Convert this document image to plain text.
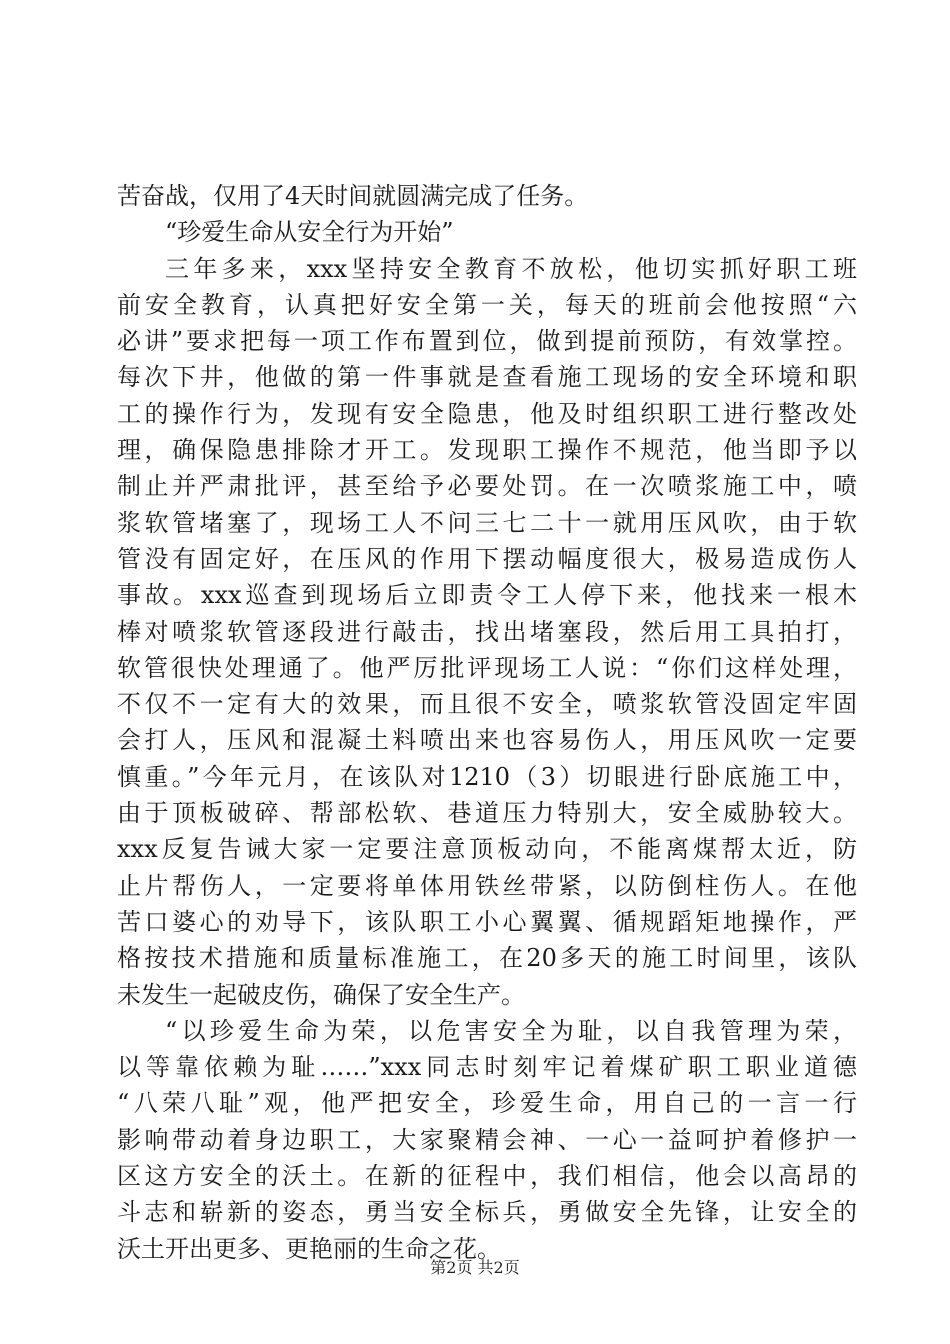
苦奋战，仅用了4天时间就圆满完成了任务。
“珍爱生命从安全行为开始”
三年多来，xxx坚持安全教育不放松，他切实抓好职工班
前安全教育，认真把好安全第一关，每天的班前会他按照“六
必讲”要求把每一项工作布置到位，做到提前预防，有效掌控。
每次下井，他做的第一件事就是查看施工现场的安全环境和职
工的操作行为，发现有安全隐患，他及时组织职工进行整改处
理，确保隐患排除才开工。发现职工操作不规范，他当即予以
制止并严肃批评，甚至给予必要处罚。在一次喷浆施工中，喷
浆软管堵塞了，现场工人不问三七二十一就用压风吹，由于软
管没有固定好，在压风的作用下摆动幅度很大，极易造成伤人
事故。xxx巡查到现场后立即责令工人停下来，他找来一根木
棒对喷浆软管逐段进行敲击，找出堵塞段，然后用工具拍打，
软管很快处理通了。他严厉批评现场工人说：“你们这样处理，
不仅不一定有大的效果，而且很不安全，喷浆软管没固定牢固
会打人，压风和混凝土料喷出来也容易伤人，用压风吹一定要
慎重。”今年元月，在该队对1210（3）切眼进行卧底施工中，
由于顶板破碎、帮部松软、巷道压力特别大，安全威胁较大。
xxx反复告诫大家一定要注意顶板动向，不能离煤帮太近，防
止片帮伤人，一定要将单体用铁丝带紧，以防倒柱伤人。在他
苦口婆心的劝导下，该队职工小心翼翼、循规蹈矩地操作，严
格按技术措施和质量标准施工，在20多天的施工时间里，该队
未发生一起破皮伤，确保了安全生产。
“以珍爱生命为荣，以危害安全为耻，以自我管理为荣，
以等靠依赖为耻……”xxx同志时刻牢记着煤矿职工职业道德
“八荣八耻”观，他严把安全，珍爱生命，用自己的一言一行
影响带动着身边职工，大家聚精会神、一心一益呵护着修护一
区这方安全的沃土。在新的征程中，我们相信，他会以高昂的
斗志和崭新的姿态，勇当安全标兵，勇做安全先锋，让安全的
沃土开出更多、更艳丽的生命之花。
第2页 共2页
